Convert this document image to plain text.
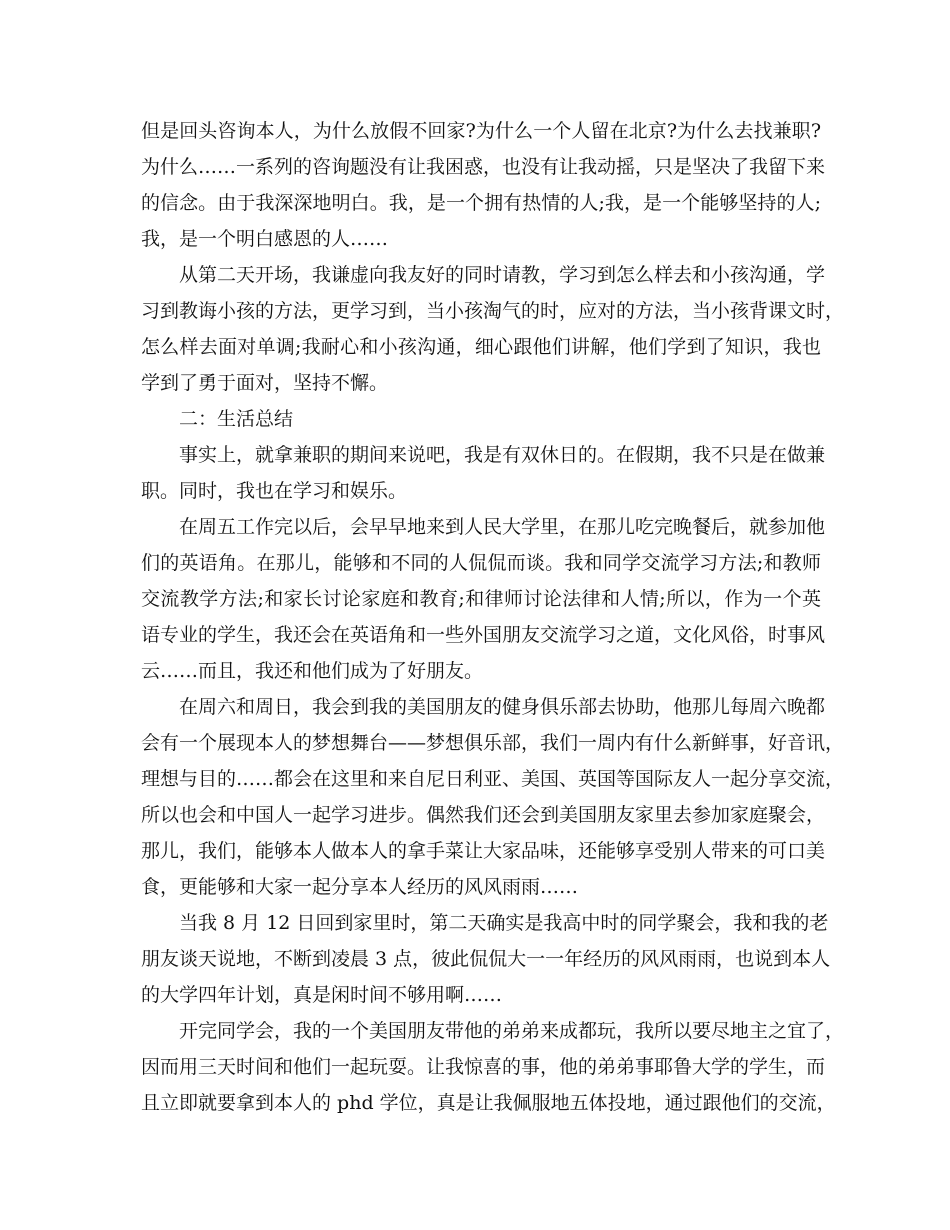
但是回头咨询本人，为什么放假不回家?为什么一个人留在北京?为什么去找兼职?
为什么……一系列的咨询题没有让我困惑，也没有让我动摇，只是坚决了我留下来
的信念。由于我深深地明白。我，是一个拥有热情的人;我，是一个能够坚持的人;
我，是一个明白感恩的人……
从第二天开场，我谦虚向我友好的同时请教，学习到怎么样去和小孩沟通，学
习到教诲小孩的方法，更学习到，当小孩淘气的时，应对的方法，当小孩背课文时，
怎么样去面对单调;我耐心和小孩沟通，细心跟他们讲解，他们学到了知识，我也
学到了勇于面对，坚持不懈。
二：生活总结
事实上，就拿兼职的期间来说吧，我是有双休日的。在假期，我不只是在做兼
职。同时，我也在学习和娱乐。
在周五工作完以后，会早早地来到人民大学里，在那儿吃完晚餐后，就参加他
们的英语角。在那儿，能够和不同的人侃侃而谈。我和同学交流学习方法;和教师
交流教学方法;和家长讨论家庭和教育;和律师讨论法律和人情;所以，作为一个英
语专业的学生，我还会在英语角和一些外国朋友交流学习之道，文化风俗，时事风
云……而且，我还和他们成为了好朋友。
在周六和周日，我会到我的美国朋友的健身俱乐部去协助，他那儿每周六晚都
会有一个展现本人的梦想舞台——梦想俱乐部，我们一周内有什么新鲜事，好音讯，
理想与目的……都会在这里和来自尼日利亚、美国、英国等国际友人一起分享交流，
所以也会和中国人一起学习进步。偶然我们还会到美国朋友家里去参加家庭聚会，
那儿，我们，能够本人做本人的拿手菜让大家品味，还能够享受别人带来的可口美
食，更能够和大家一起分享本人经历的风风雨雨……
当我 8 月 12 日回到家里时，第二天确实是我高中时的同学聚会，我和我的老
朋友谈天说地，不断到凌晨 3 点，彼此侃侃大一一年经历的风风雨雨，也说到本人
的大学四年计划，真是闲时间不够用啊……
开完同学会，我的一个美国朋友带他的弟弟来成都玩，我所以要尽地主之宜了，
因而用三天时间和他们一起玩耍。让我惊喜的事，他的弟弟事耶鲁大学的学生，而
且立即就要拿到本人的 phd 学位，真是让我佩服地五体投地，通过跟他们的交流，
